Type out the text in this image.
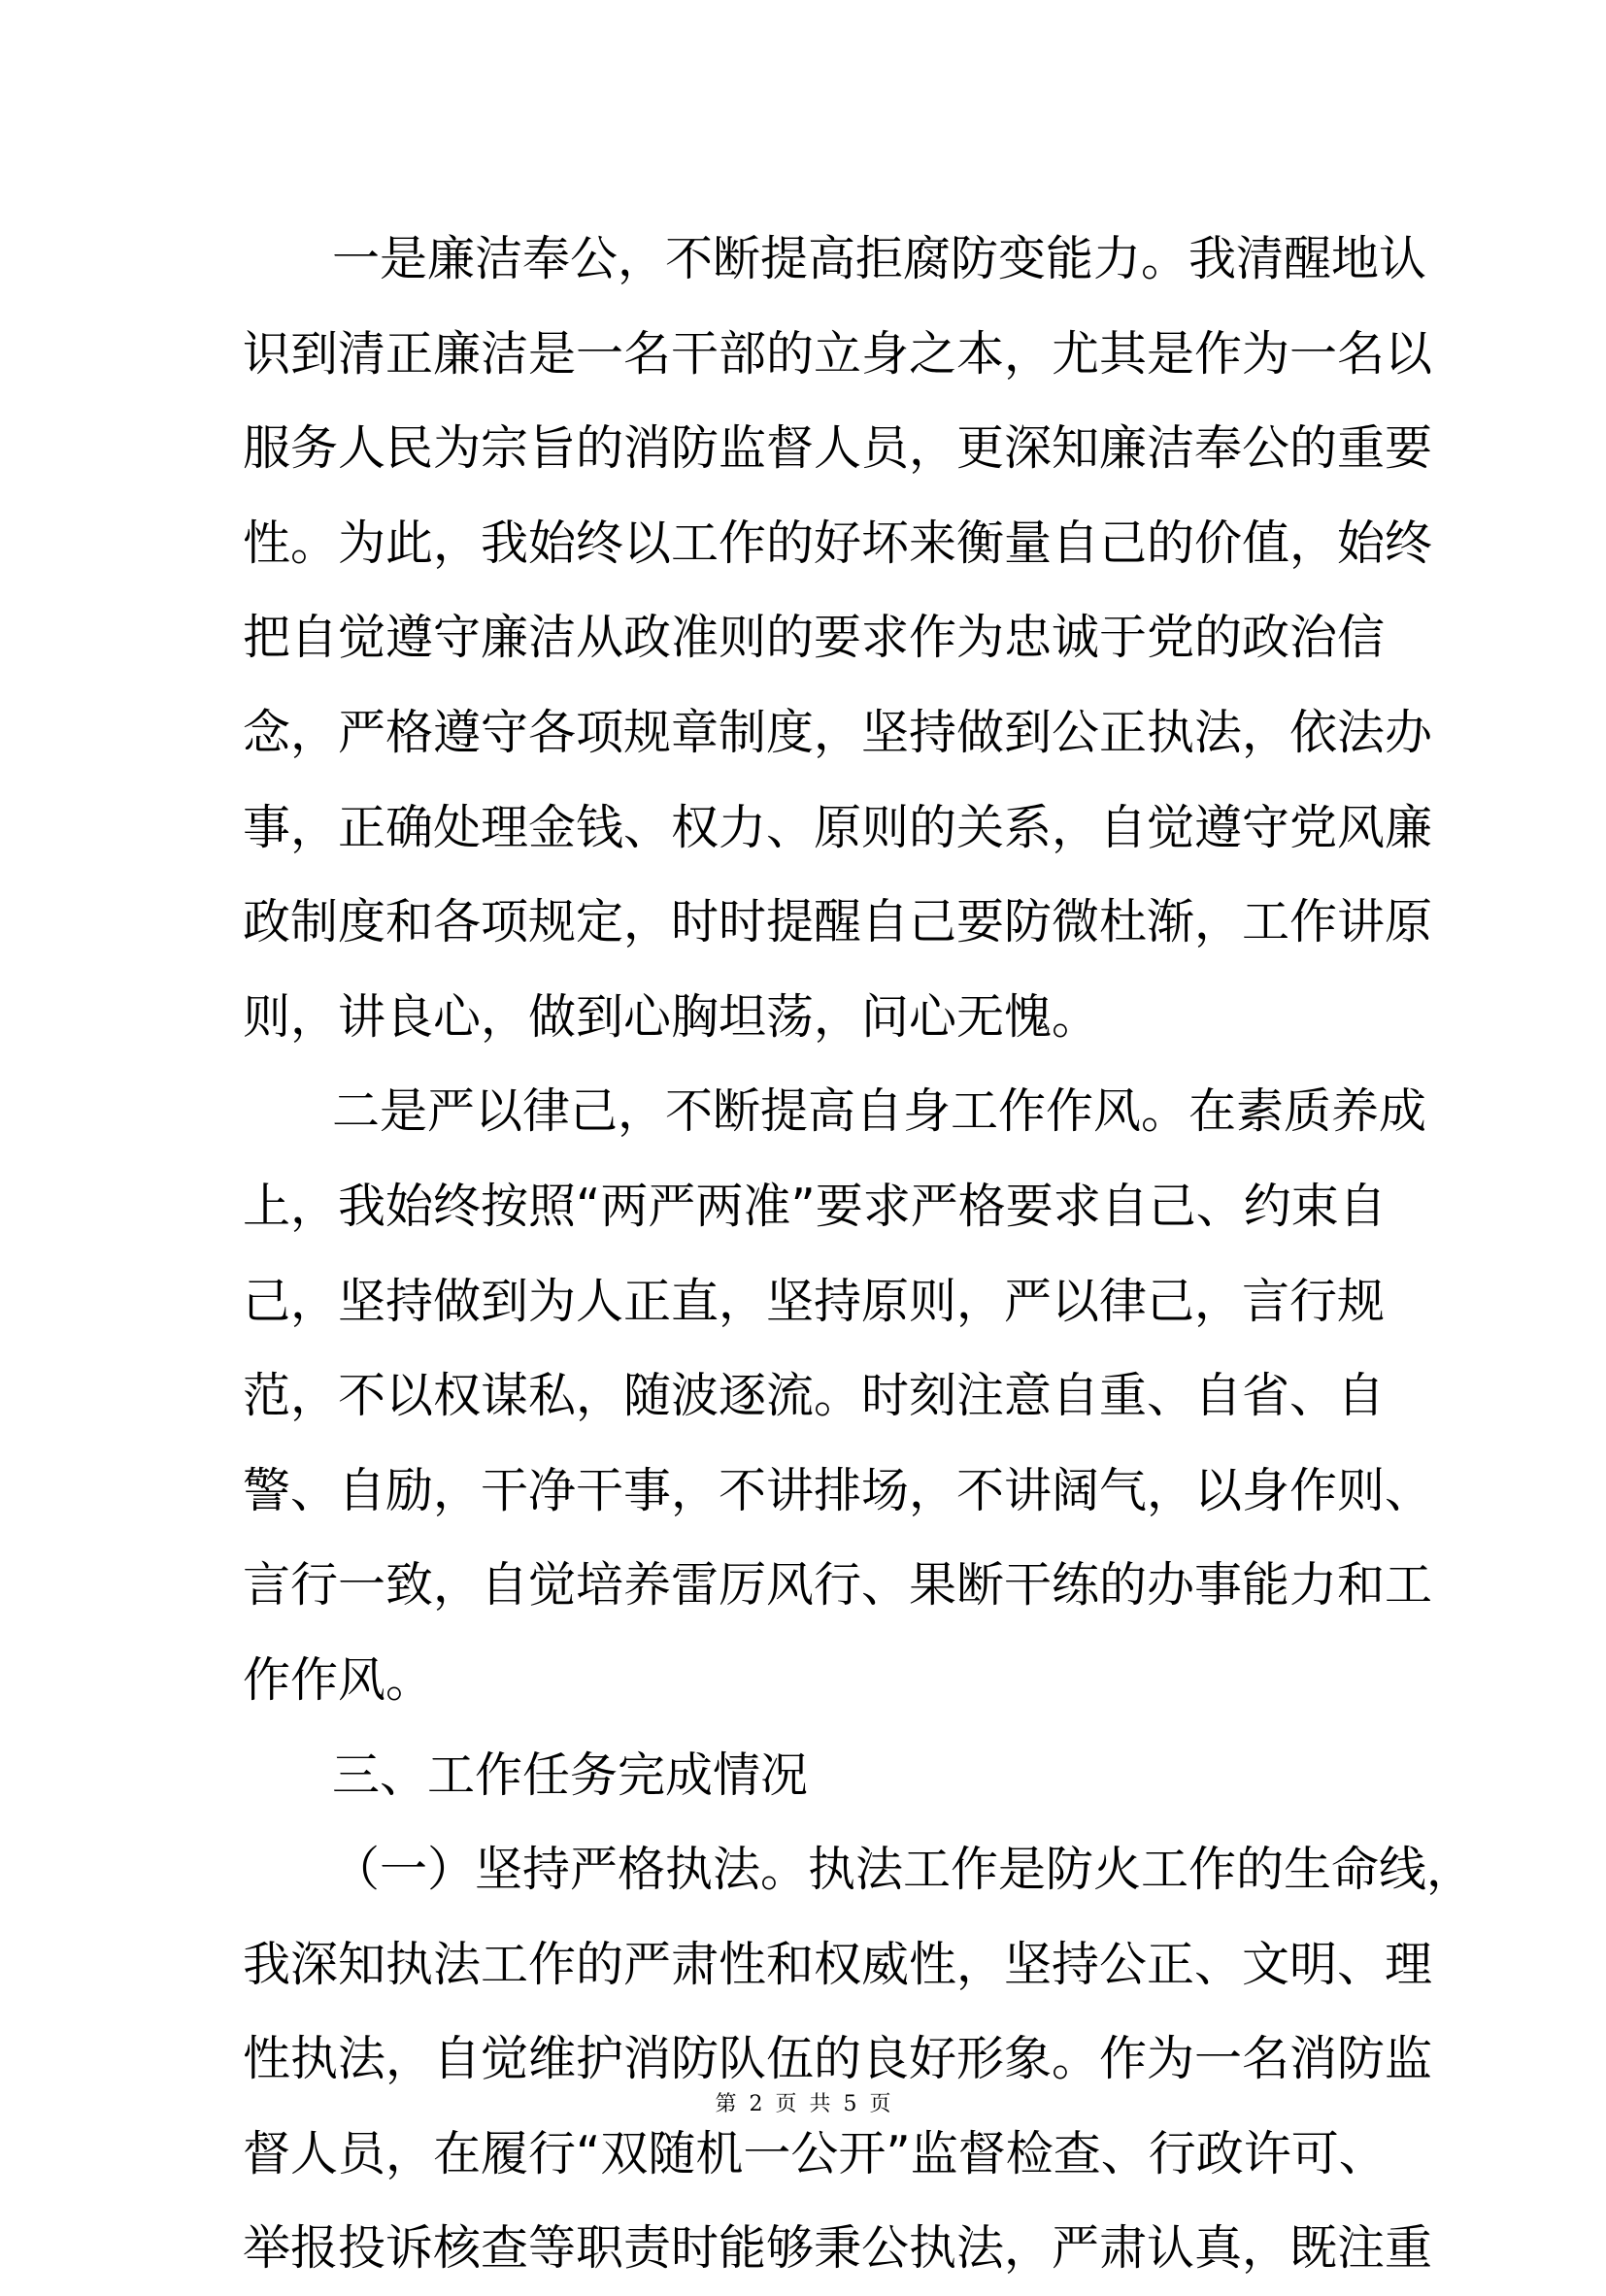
一是廉洁奉公，不断提高拒腐防变能力。我清醒地认
识到清正廉洁是一名干部的立身之本，尤其是作为一名以
服务人民为宗旨的消防监督人员，更深知廉洁奉公的重要
性。为此，我始终以工作的好坏来衡量自己的价值，始终
把自觉遵守廉洁从政准则的要求作为忠诚于党的政治信
念，严格遵守各项规章制度，坚持做到公正执法，依法办
事，正确处理金钱、权力、原则的关系，自觉遵守党风廉
政制度和各项规定，时时提醒自己要防微杜渐，工作讲原
则，讲良心，做到心胸坦荡，问心无愧。
二是严以律己，不断提高自身工作作风。在素质养成
上，我始终按照“两严两准”要求严格要求自己、约束自
己，坚持做到为人正直，坚持原则，严以律己，言行规
范，不以权谋私，随波逐流。时刻注意自重、自省、自
警、自励，干净干事，不讲排场，不讲阔气，以身作则、
言行一致，自觉培养雷厉风行、果断干练的办事能力和工
作作风。
三、工作任务完成情况
（一）坚持严格执法。执法工作是防火工作的生命线，
我深知执法工作的严肃性和权威性，坚持公正、文明、理
性执法，自觉维护消防队伍的良好形象。作为一名消防监
督人员，在履行“双随机一公开”监督检查、行政许可、
举报投诉核查等职责时能够秉公执法，严肃认真，既注重
第 2 页 共 5 页
